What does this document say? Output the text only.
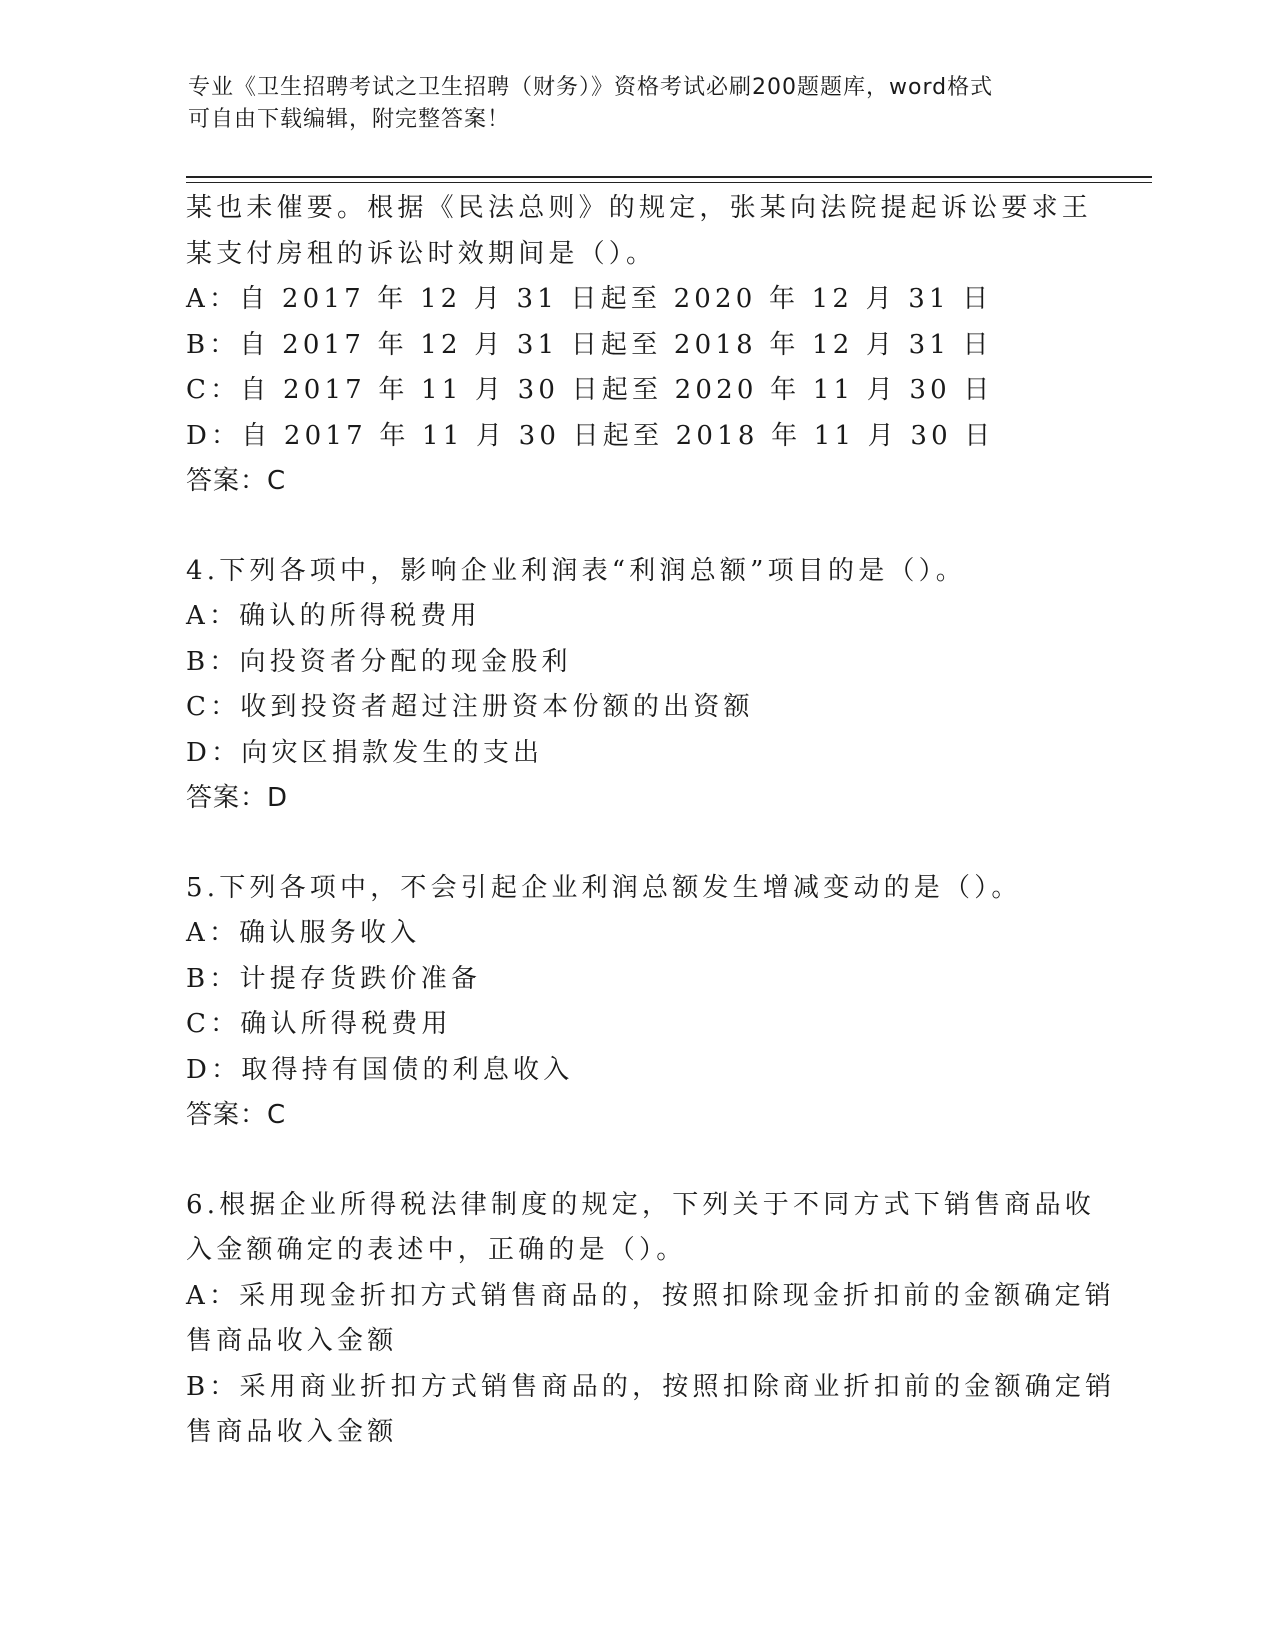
专业《卫生招聘考试之卫生招聘（财务）》资格考试必刷200题题库，word格式
可自由下载编辑，附完整答案！
某也未催要。根据《民法总则》的规定，张某向法院提起诉讼要求王
某支付房租的诉讼时效期间是（）。
A：自 2017 年 12 月 31 日起至 2020 年 12 月 31 日
B：自 2017 年 12 月 31 日起至 2018 年 12 月 31 日
C：自 2017 年 11 月 30 日起至 2020 年 11 月 30 日
D：自 2017 年 11 月 30 日起至 2018 年 11 月 30 日
答案：C
4.下列各项中，影响企业利润表“利润总额”项目的是（）。
A：确认的所得税费用
B：向投资者分配的现金股利
C：收到投资者超过注册资本份额的出资额
D：向灾区捐款发生的支出
答案：D
5.下列各项中，不会引起企业利润总额发生增减变动的是（）。
A：确认服务收入
B：计提存货跌价准备
C：确认所得税费用
D：取得持有国债的利息收入
答案：C
6.根据企业所得税法律制度的规定，下列关于不同方式下销售商品收
入金额确定的表述中，正确的是（）。
A：采用现金折扣方式销售商品的，按照扣除现金折扣前的金额确定销
售商品收入金额
B：采用商业折扣方式销售商品的，按照扣除商业折扣前的金额确定销
售商品收入金额
